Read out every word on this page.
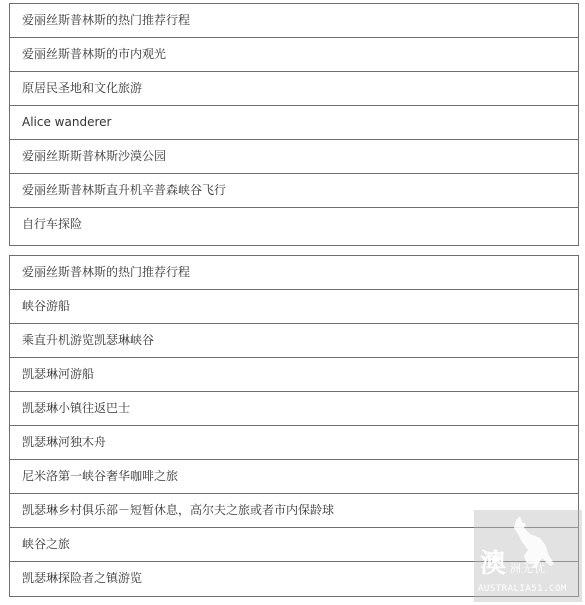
爱丽丝斯普林斯的热门推荐行程
爱丽丝斯普林斯的市内观光
原居民圣地和文化旅游
Alice wanderer
爱丽丝斯斯普林斯沙漠公园
爱丽丝斯普林斯直升机辛普森峡谷飞行
自行车探险
爱丽丝斯普林斯的热门推荐行程
峡谷游船
乘直升机游览凯瑟琳峡谷
凯瑟琳河游船
凯瑟琳小镇往返巴士
凯瑟琳河独木舟
尼米洛第一峡谷奢华咖啡之旅
凯瑟琳乡村俱乐部－短暂休息，高尔夫之旅或者市内保龄球
峡谷之旅
凯瑟琳探险者之镇游览	澳 洲无忧
AUSTRALIA51.COM
